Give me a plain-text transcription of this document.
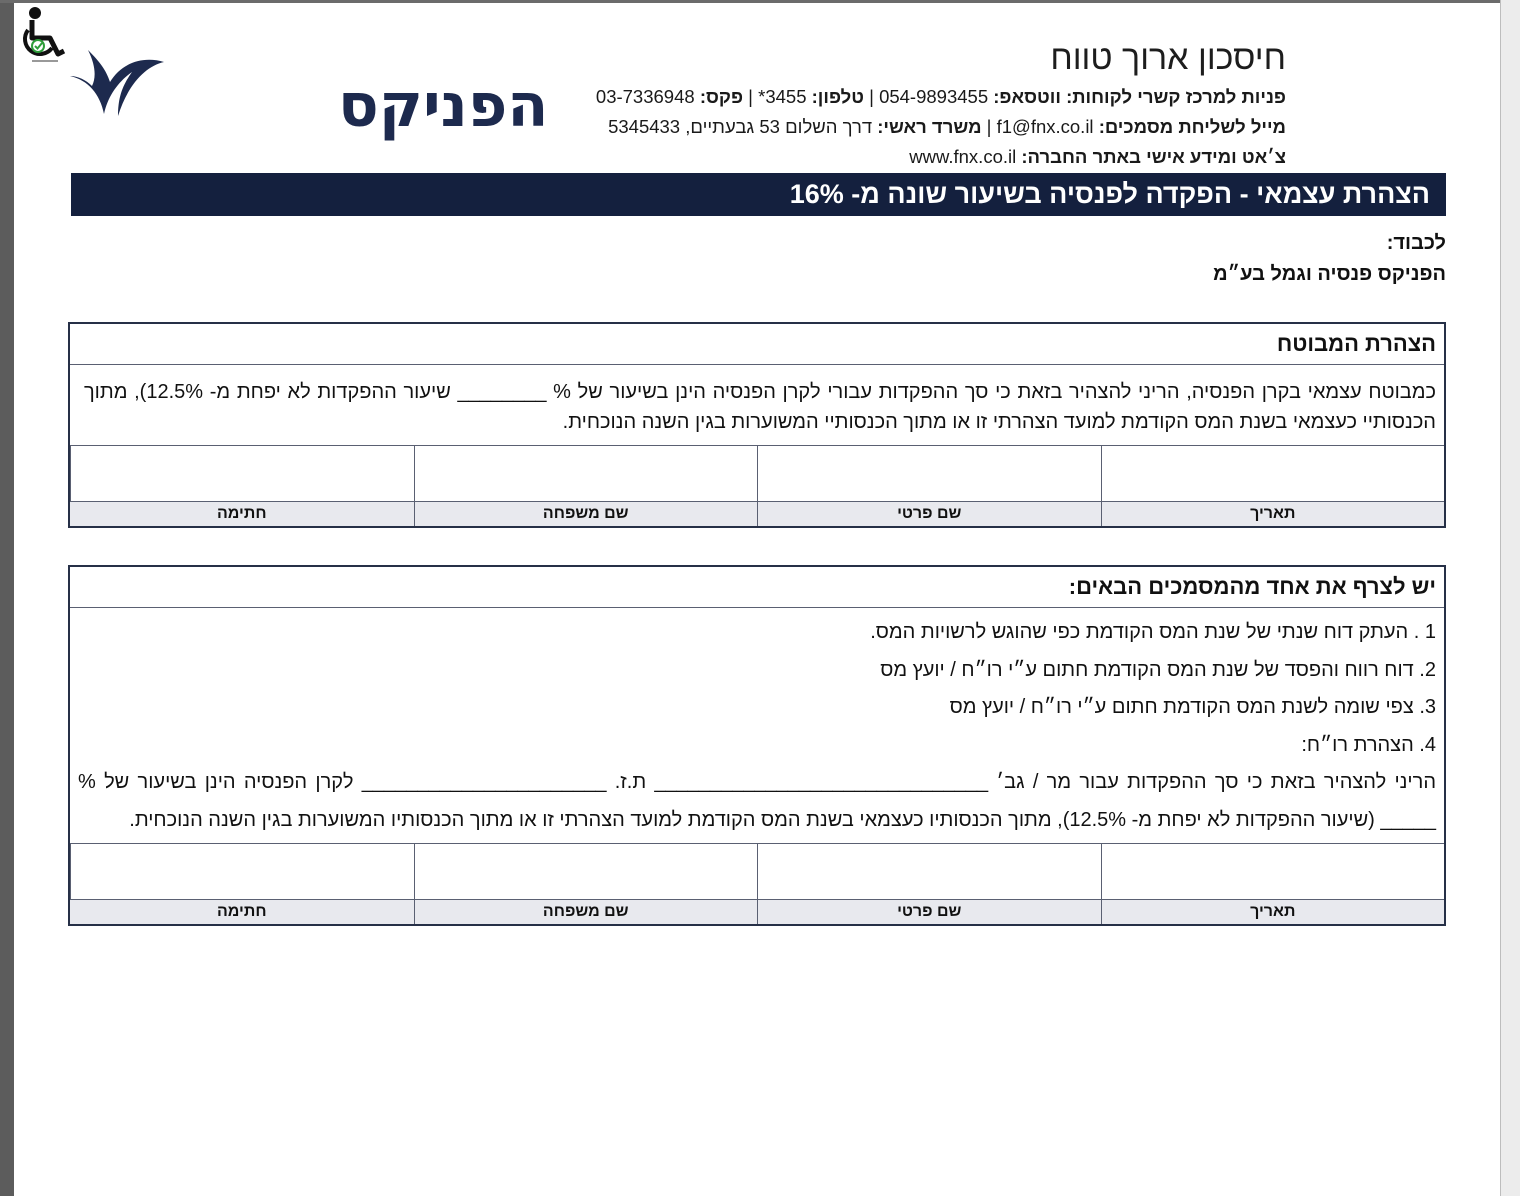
הפניקס
חיסכון ארוך טווח
פניות למרכז קשרי לקוחות: ווטסאפ: 054-9893455 | טלפון: 3455* | פקס: 03-7336948
מייל לשליחת מסמכים: f1@fnx.co.il | משרד ראשי: דרך השלום 53 גבעתיים, 5345433
צ׳אט ומידע אישי באתר החברה: www.fnx.co.il
הצהרת עצמאי - הפקדה לפנסיה בשיעור שונה מ- 16%
לכבוד:
הפניקס פנסיה וגמל בע״מ
הצהרת המבוטח

כמבוטח עצמאי בקרן הפנסיה, הריני להצהיר בזאת כי סך ההפקדות עבורי לקרן הפנסיה הינן בשיעור של % ________ שיעור ההפקדות לא יפחת מ- 12.5%), מתוך הכנסותיי כעצמאי בשנת המס הקודמת למועד הצהרתי זו או מתוך הכנסותיי המשוערות בגין השנה הנוכחית.

תאריך
שם פרטי
שם משפחה
חתימה
יש לצרף את אחד מהמסמכים הבאים:
1 . העתק דוח שנתי של שנת המס הקודמת כפי שהוגש לרשויות המס.
2. דוח רווח והפסד של שנת המס הקודמת חתום ע״י רו״ח / יועץ מס
3. צפי שומה לשנת המס הקודמת חתום ע״י רו״ח / יועץ מס
4. הצהרת רו״ח:
הריני להצהיר בזאת כי סך ההפקדות עבור מר / גב׳ ______________________________ ת.ז. ______________________ לקרן הפנסיה הינן בשיעור של % _____ (שיעור ההפקדות לא יפחת מ- 12.5%), מתוך הכנסותיו כעצמאי בשנת המס הקודמת למועד הצהרתי זו או מתוך הכנסותיו המשוערות בגין השנה הנוכחית.
תאריך
שם פרטי
שם משפחה
חתימה
